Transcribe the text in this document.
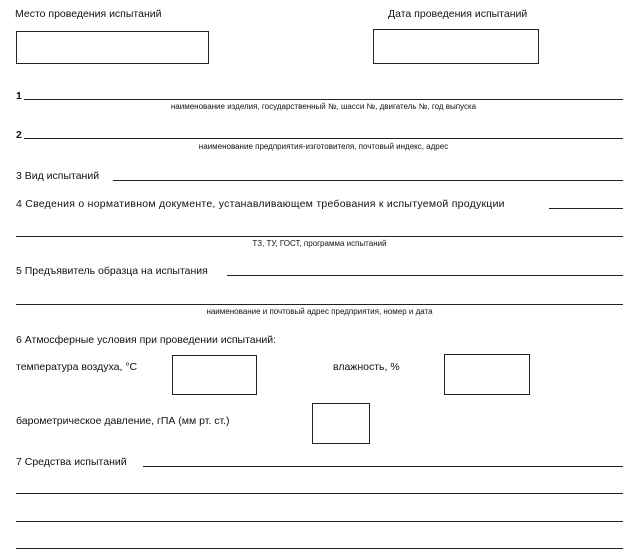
Место проведения испытаний	Дата проведения испытаний
1
наименование изделия, государственный №, шасси №, двигатель №, год выпуска
2
наименование предприятия-изготовителя, почтовый индекс, адрес
3 Вид испытаний
4 Сведения о нормативном документе, устанавливающем требования к испытуемой продукции
ТЗ, ТУ, ГОСТ, программа испытаний
5 Предъявитель образца на испытания
наименование и почтовый адрес предприятия, номер и дата
6 Атмосферные условия при проведении испытаний:
температура воздуха, °С	влажность, %
барометрическое давление, гПА (мм рт. ст.)
7 Средства испытаний
